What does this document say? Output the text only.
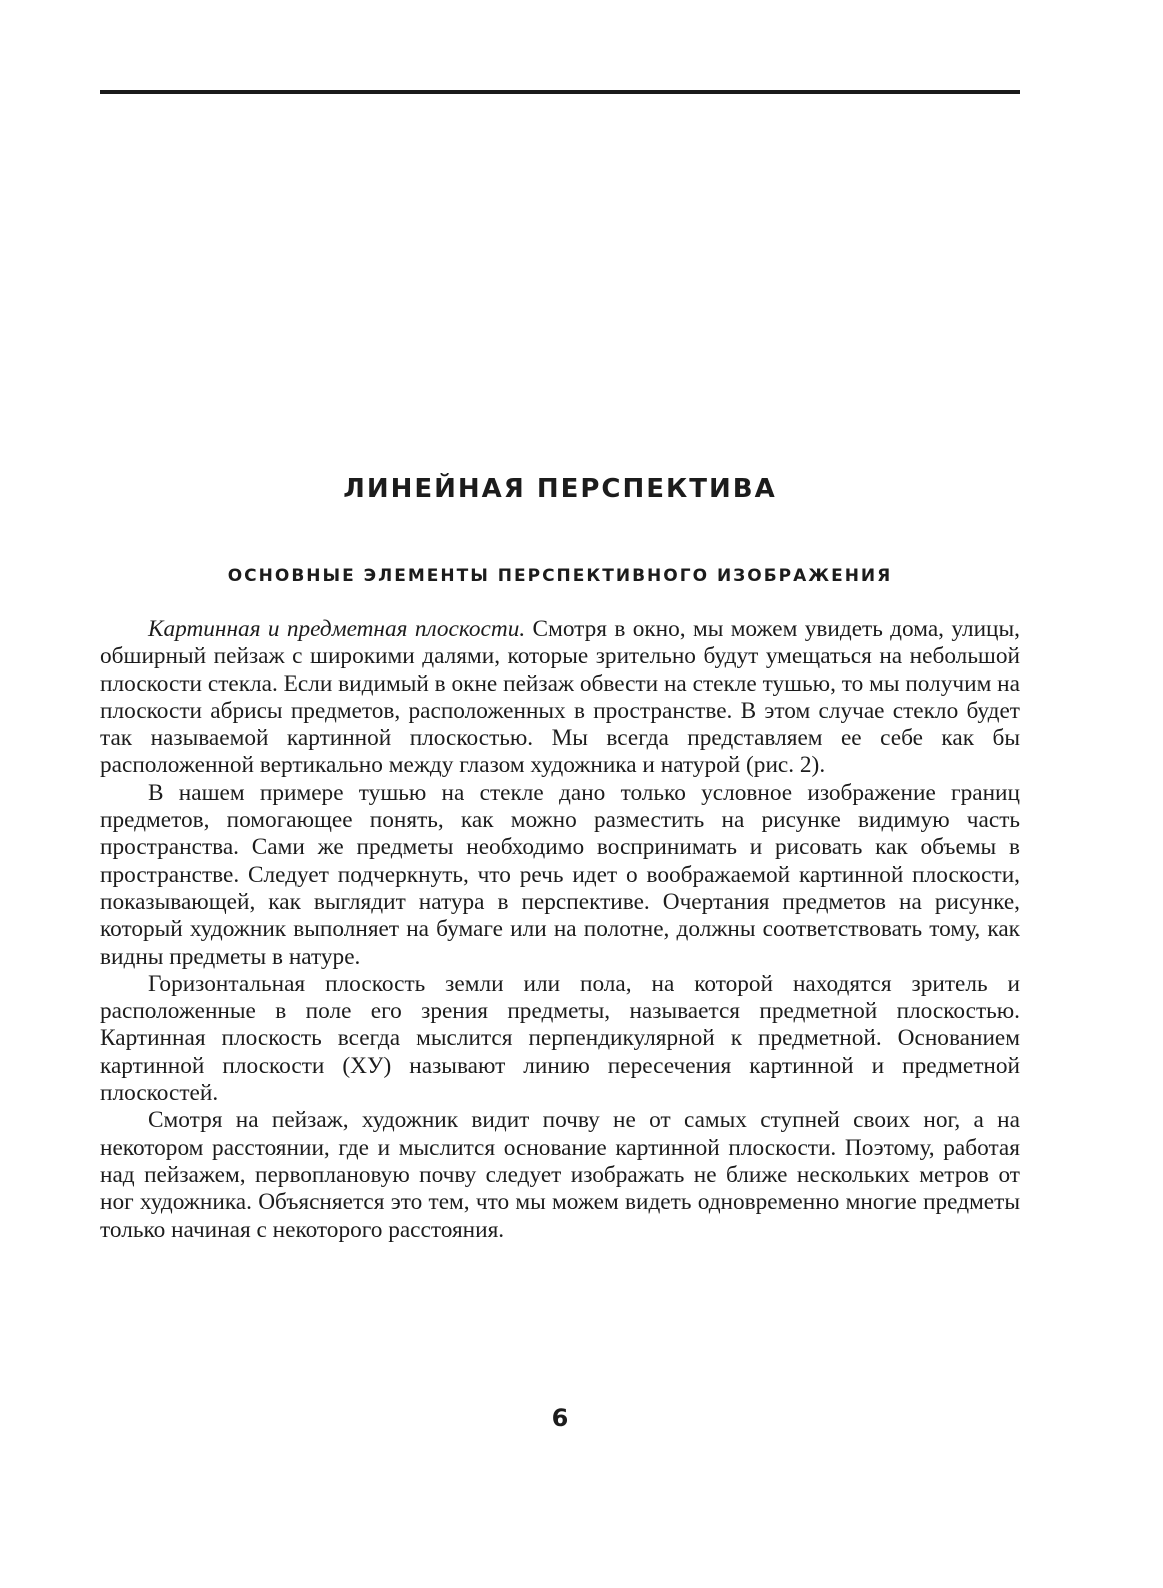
ЛИНЕЙНАЯ ПЕРСПЕКТИВА
ОСНОВНЫЕ ЭЛЕМЕНТЫ ПЕРСПЕКТИВНОГО ИЗОБРАЖЕНИЯ

Картинная и предметная плоскости. Смотря в окно, мы можем увидеть дома, улицы, обширный пейзаж с широкими далями, которые зрительно будут умещаться на небольшой плоскости стекла. Если видимый в окне пейзаж обвести на стекле тушью, то мы получим на плоскости абрисы предметов, расположенных в пространстве. В этом случае стекло будет так называемой картинной плоскостью. Мы всегда представляем ее себе как бы расположенной вертикально между глазом художника и натурой (рис. 2).

В нашем примере тушью на стекле дано только условное изображение границ предметов, помогающее понять, как можно разместить на рисунке видимую часть пространства. Сами же предметы необходимо воспринимать и рисовать как объемы в пространстве. Следует подчеркнуть, что речь идет о воображаемой картинной плоскости, показывающей, как выглядит натура в перспективе. Очертания предметов на рисунке, который художник выполняет на бумаге или на полотне, должны соответствовать тому, как видны предметы в натуре.

Горизонтальная плоскость земли или пола, на которой находятся зритель и расположенные в поле его зрения предметы, называется предметной плоскостью. Картинная плоскость всегда мыслится перпендикулярной к предметной. Основанием картинной плоскости (ХУ) называют линию пересечения картинной и предметной плоскостей.

Смотря на пейзаж, художник видит почву не от самых ступней своих ног, а на некотором расстоянии, где и мыслится основание картинной плоскости. Поэтому, работая над пейзажем, первоплановую почву следует изображать не ближе нескольких метров от ног художника. Объясняется это тем, что мы можем видеть одновременно многие предметы только начиная с некоторого расстояния.

6
